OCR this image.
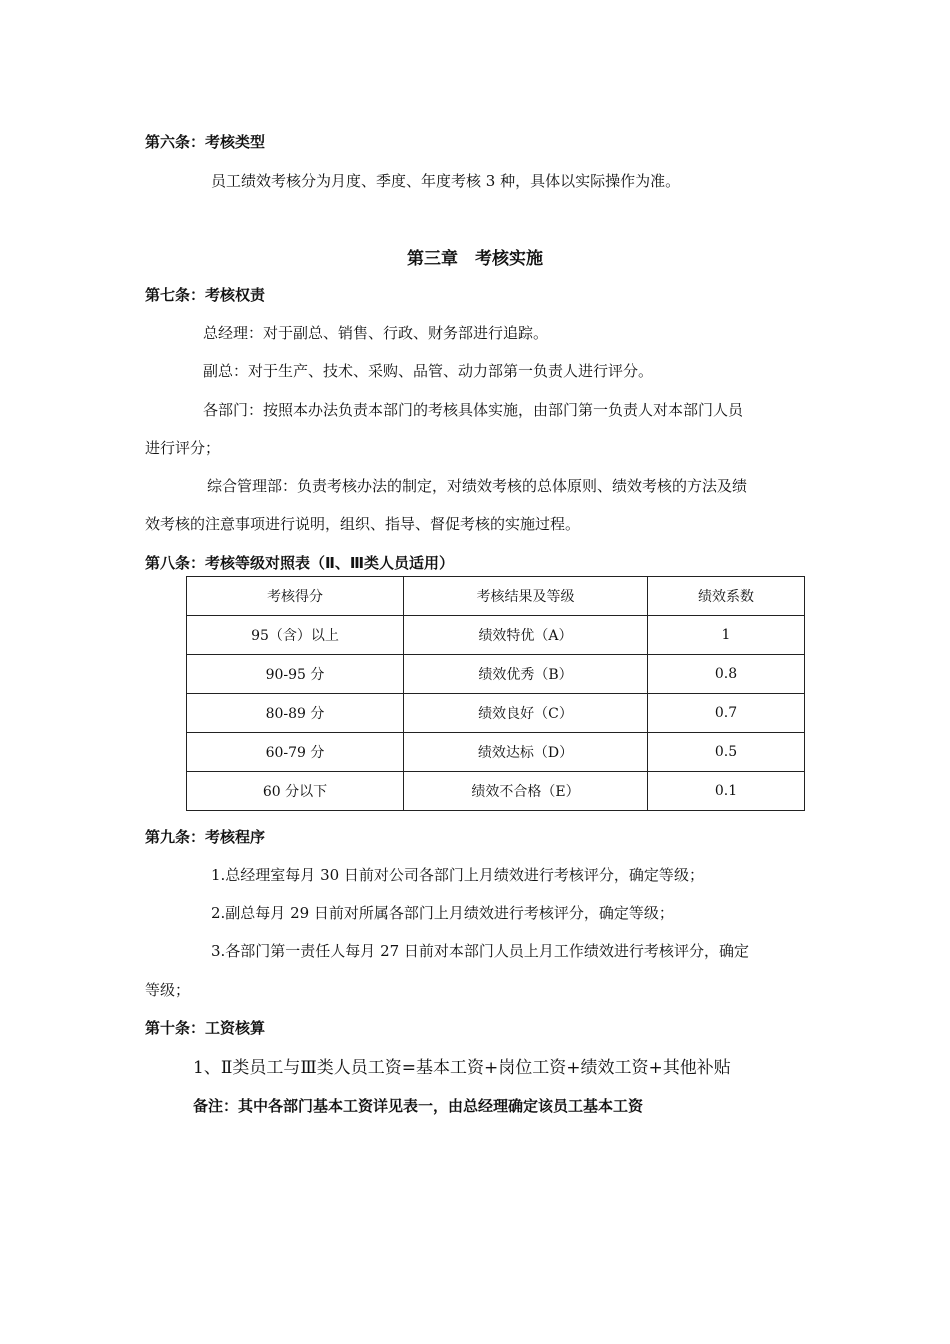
第六条：考核类型
员工绩效考核分为月度、季度、年度考核 3 种，具体以实际操作为准。
第三章　考核实施
第七条：考核权责
总经理：对于副总、销售、行政、财务部进行追踪。
副总：对于生产、技术、采购、品管、动力部第一负责人进行评分。
各部门：按照本办法负责本部门的考核具体实施，由部门第一负责人对本部门人员
进行评分；
综合管理部：负责考核办法的制定，对绩效考核的总体原则、绩效考核的方法及绩
效考核的注意事项进行说明，组织、指导、督促考核的实施过程。
第八条：考核等级对照表（Ⅱ、Ⅲ类人员适用）
考核得分	考核结果及等级	绩效系数
95（含）以上	绩效特优（A）	1
90-95 分	绩效优秀（B）	0.8
80-89 分	绩效良好（C）	0.7
60-79 分	绩效达标（D）	0.5
60 分以下	绩效不合格（E）	0.1
第九条：考核程序
1.总经理室每月 30 日前对公司各部门上月绩效进行考核评分，确定等级；
2.副总每月 29 日前对所属各部门上月绩效进行考核评分，确定等级；
3.各部门第一责任人每月 27 日前对本部门人员上月工作绩效进行考核评分，确定
等级；
第十条：工资核算
1、Ⅱ类员工与Ⅲ类人员工资=基本工资+岗位工资+绩效工资+其他补贴
备注：其中各部门基本工资详见表一，由总经理确定该员工基本工资
